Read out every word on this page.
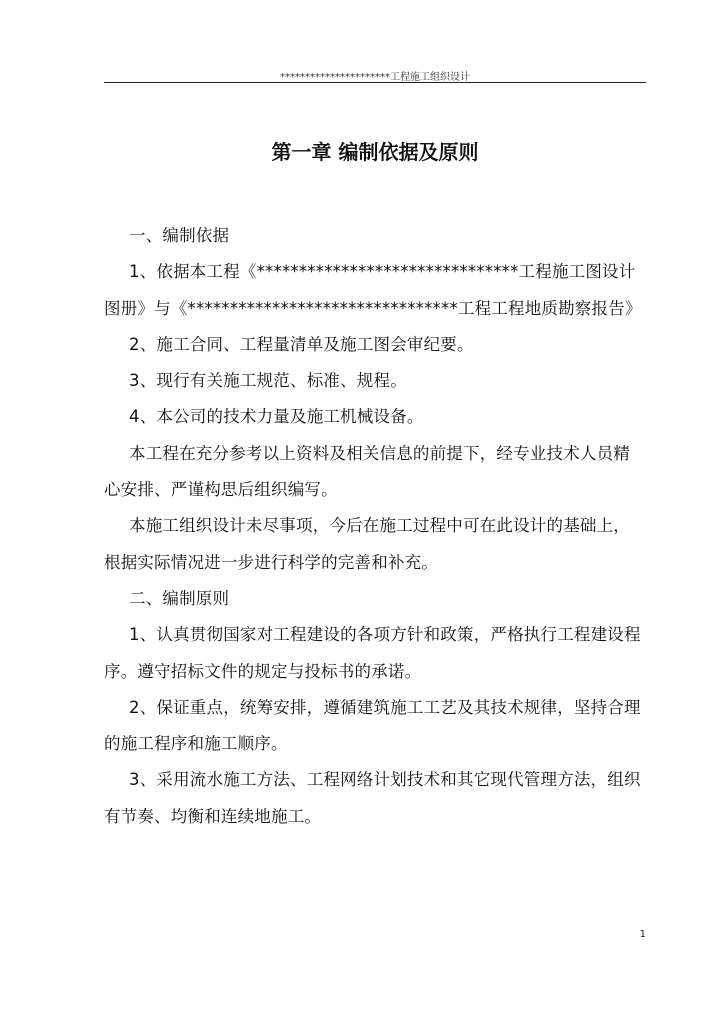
**********************工程施工组织设计
第一章 编制依据及原则

一、编制依据

1、依据本工程《*******************************工程施工图设计图册》与《********************************工程工程地质勘察报告》

2、施工合同、工程量清单及施工图会审纪要。

3、现行有关施工规范、标准、规程。

4、本公司的技术力量及施工机械设备。

本工程在充分参考以上资料及相关信息的前提下，经专业技术人员精心安排、严谨构思后组织编写。

本施工组织设计未尽事项，今后在施工过程中可在此设计的基础上，根据实际情况进一步进行科学的完善和补充。

二、编制原则

1、认真贯彻国家对工程建设的各项方针和政策，严格执行工程建设程序。遵守招标文件的规定与投标书的承诺。

2、保证重点，统筹安排，遵循建筑施工工艺及其技术规律，坚持合理的施工程序和施工顺序。

3、采用流水施工方法、工程网络计划技术和其它现代管理方法，组织有节奏、均衡和连续地施工。

1
